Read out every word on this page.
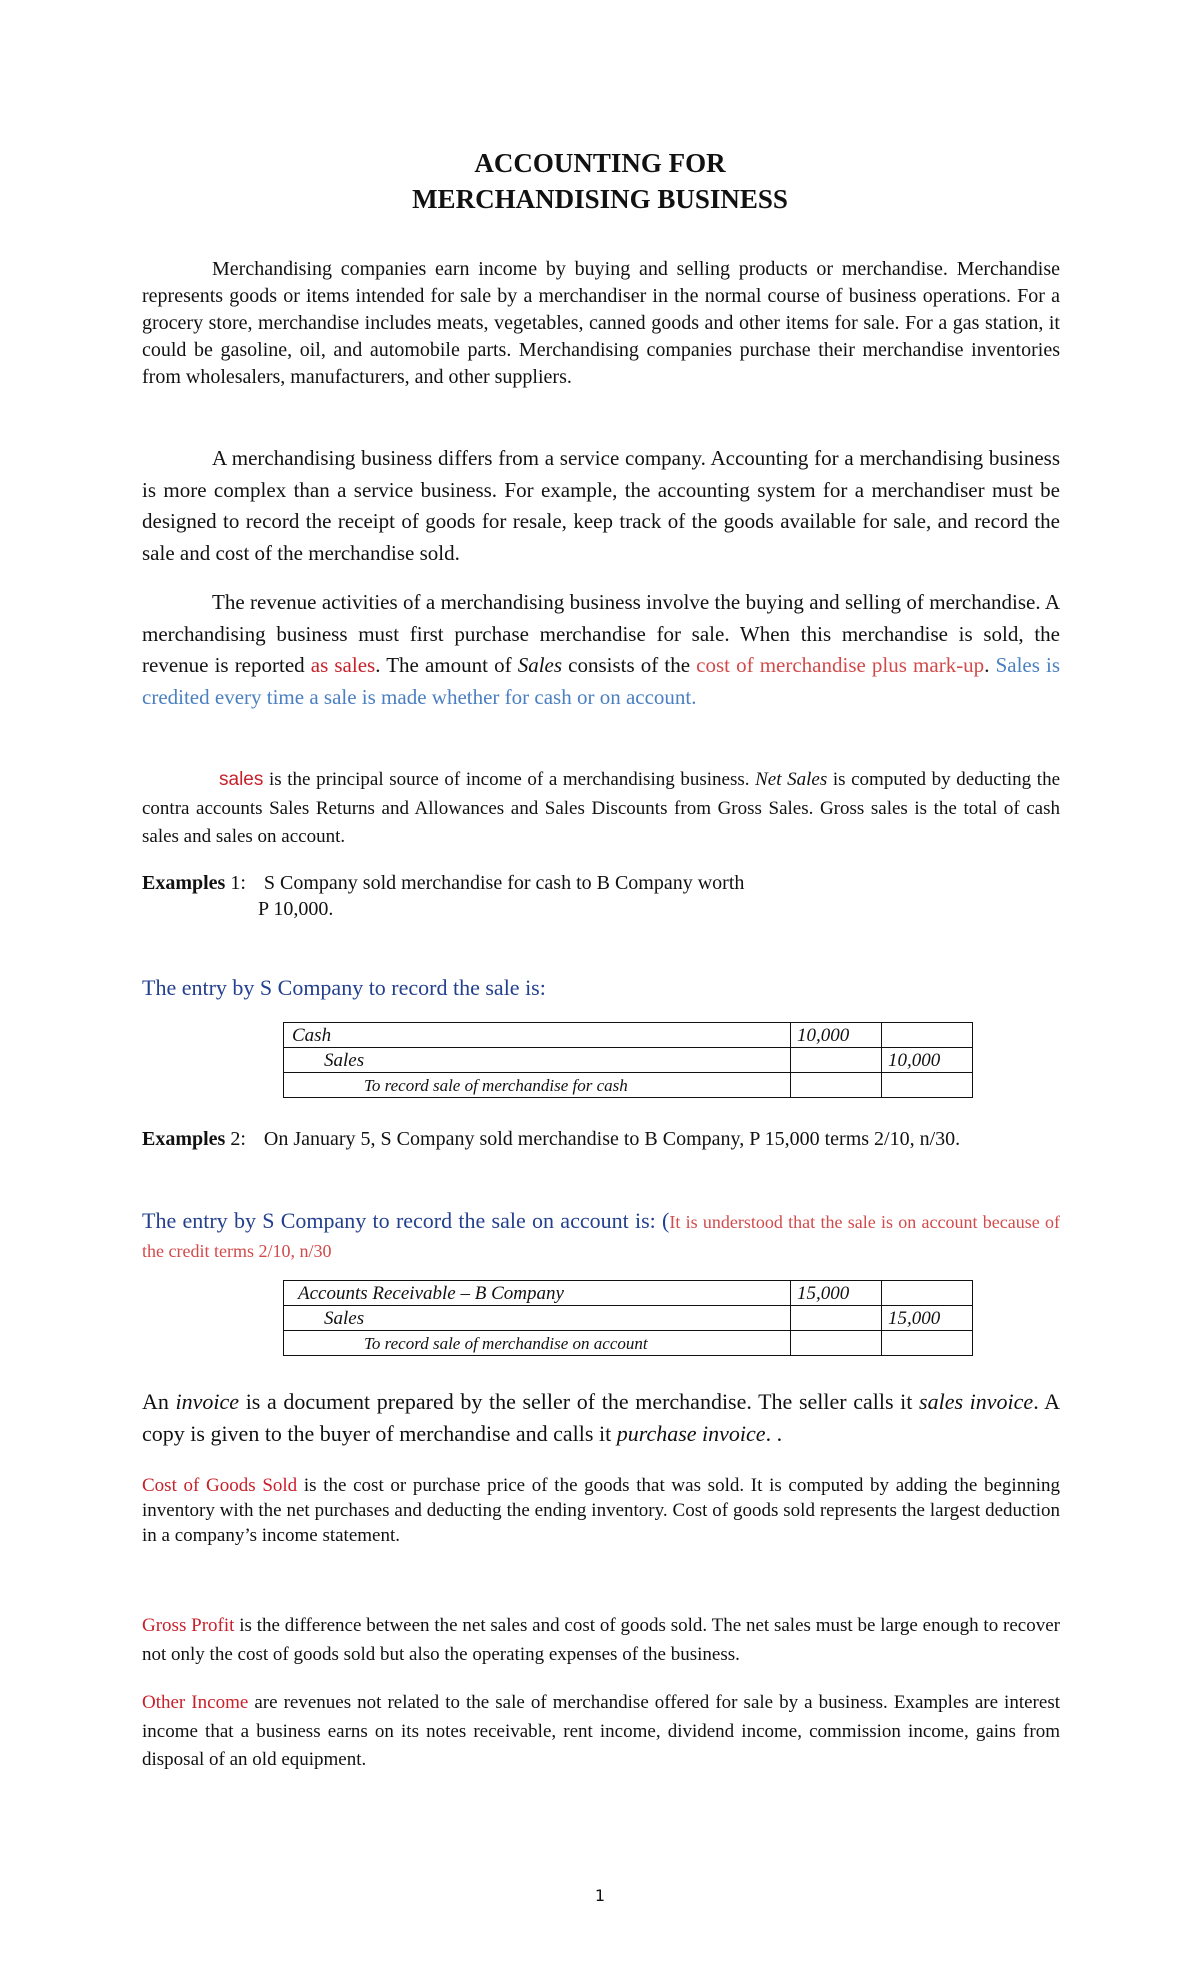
ACCOUNTING FOR
MERCHANDISING BUSINESS
Merchandising companies earn income by buying and selling products or merchandise. Merchandise represents goods or items intended for sale by a merchandiser in the normal course of business operations. For a grocery store, merchandise includes meats, vegetables, canned goods and other items for sale. For a gas station, it could be gasoline, oil, and automobile parts. Merchandising companies purchase their merchandise inventories from wholesalers, manufacturers, and other suppliers.
A merchandising business differs from a service company. Accounting for a merchandising business is more complex than a service business. For example, the accounting system for a merchandiser must be designed to record the receipt of goods for resale, keep track of the goods available for sale, and record the sale and cost of the merchandise sold.
The revenue activities of a merchandising business involve the buying and selling of merchandise. A merchandising business must first purchase merchandise for sale. When this merchandise is sold, the revenue is reported as sales. The amount of Sales consists of the cost of merchandise plus mark-up. Sales is credited every time a sale is made whether for cash or on account.
sales is the principal source of income of a merchandising business. Net Sales is computed by deducting the contra accounts Sales Returns and Allowances and Sales Discounts from Gross Sales. Gross sales is the total of cash sales and sales on account.
Examples 1: S Company sold merchandise for cash to B Company worth
P 10,000.
The entry by S Company to record the sale is:
Cash	10,000	
Sales		10,000
To record sale of merchandise for cash		
Examples 2: On January 5, S Company sold merchandise to B Company, P 15,000 terms 2/10, n/30.
The entry by S Company to record the sale on account is: (It is understood that the sale is on account because of the credit terms 2/10, n/30
Accounts Receivable – B Company	15,000	
Sales		15,000
To record sale of merchandise on account		
An invoice is a document prepared by the seller of the merchandise. The seller calls it sales invoice. A copy is given to the buyer of merchandise and calls it purchase invoice. .
Cost of Goods Sold is the cost or purchase price of the goods that was sold. It is computed by adding the beginning inventory with the net purchases and deducting the ending inventory. Cost of goods sold represents the largest deduction in a company’s income statement.
Gross Profit is the difference between the net sales and cost of goods sold. The net sales must be large enough to recover not only the cost of goods sold but also the operating expenses of the business.
Other Income are revenues not related to the sale of merchandise offered for sale by a business. Examples are interest income that a business earns on its notes receivable, rent income, dividend income, commission income, gains from disposal of an old equipment.
1
